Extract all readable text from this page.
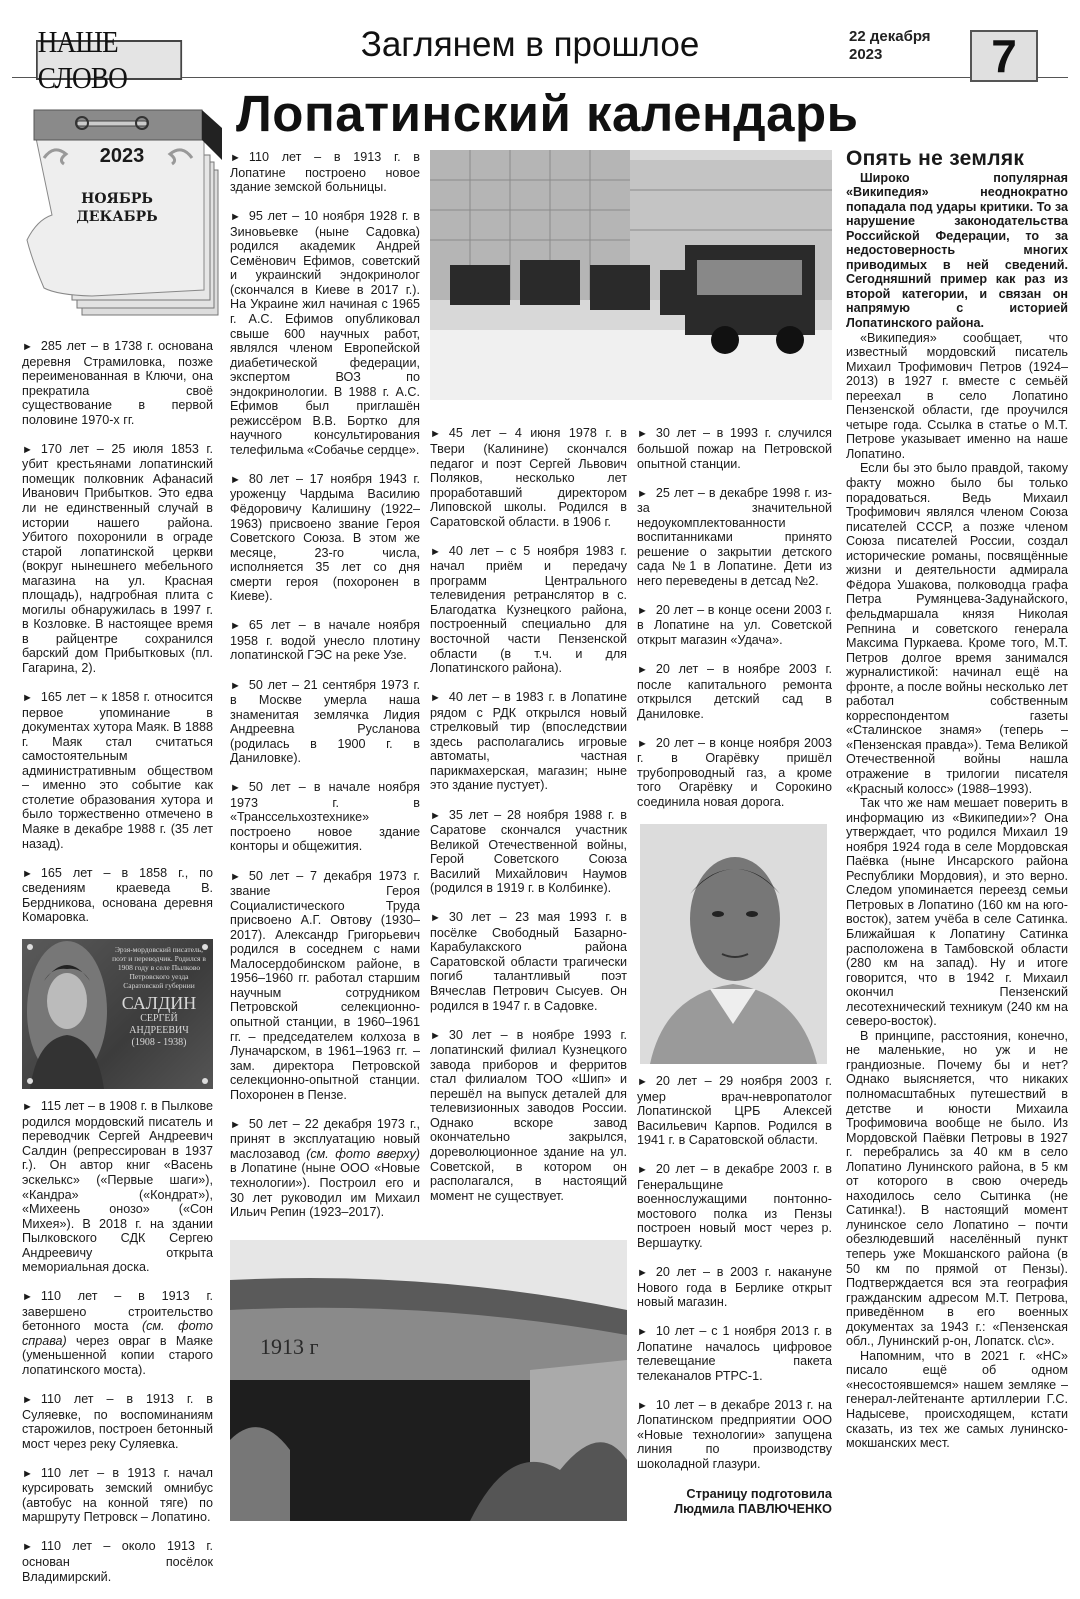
НАШЕ СЛОВО
Заглянем в прошлое	22 декабря
2023	7
Лопатинский календарь
2023
НОЯБРЬ
ДЕКАБРЬ

► 285 лет – в 1738 г. основана деревня Страмиловка, позже переименованная в Ключи, она прекратила своё существование в первой половине 1970-х гг.

► 170 лет – 25 июля 1853 г. убит крестьянами лопатинский помещик полковник Афанасий Иванович Прибытков. Это едва ли не единственный случай в истории нашего района. Убитого похоронили в ограде старой лопатинской церкви (вокруг нынешнего мебельного магазина на ул. Красная площадь), надгробная плита с могилы обнаружилась в 1997 г. в Козловке. В настоящее время в райцентре сохранился барский дом Прибытковых (пл. Гагарина, 2).

► 165 лет – к 1858 г. относится первое упоминание в документах хутора Маяк. В 1888 г. Маяк стал считаться самостоятельным административным обществом – именно это событие как столетие образования хутора и было торжественно отмечено в Маяке в декабре 1988 г. (35 лет назад).

► 165 лет – в 1858 г., по сведениям краеведа В. Бердникова, основана деревня Комаровка.

Эрзя-мордовский писатель, поэт и переводчик. Родился в 1908 году в селе Пылково Петровского уезда Саратовской губернии
САЛДИН
СЕРГЕЙ
АНДРЕЕВИЧ
(1908 - 1938)

► 115 лет – в 1908 г. в Пылкове родился мордовский писатель и переводчик Сергей Андреевич Салдин (репрессирован в 1937 г.). Он автор книг «Васень эскелькс» («Первые шаги»), «Кандра» («Кондрат»), «Михеень онозо» («Сон Михея»). В 2018 г. на здании Пылковского СДК Сергею Андреевичу открыта мемориальная доска.

► 110 лет – в 1913 г. завершено строительство бетонного моста (см. фото справа) через овраг в Маяке (уменьшенной копии старого лопатинского моста).

► 110 лет – в 1913 г. в Суляевке, по воспоминаниям старожилов, построен бетонный мост через реку Суляевка.

► 110 лет – в 1913 г. начал курсировать земский омнибус (автобус на конной тяге) по маршруту Петровск – Лопатино.

► 110 лет – около 1913 г. основан посёлок Владимирский.

► 110 лет – в 1913 г. в Лопатине построено новое здание земской больницы.

► 95 лет – 10 ноября 1928 г. в Зиновьевке (ныне Садовка) родился академик Андрей Семёнович Ефимов, советский и украинский эндокринолог (скончался в Киеве в 2017 г.). На Украине жил начиная с 1965 г. А.С. Ефимов опубликовал свыше 600 научных работ, являлся членом Европейской диабетической федерации, экспертом ВОЗ по эндокринологии. В 1988 г. А.С. Ефимов был приглашён режиссёром В.В. Бортко для научного консультирования телефильма «Собачье сердце».

► 80 лет – 17 ноября 1943 г. уроженцу Чардыма Василию Фёдоровичу Калишину (1922–1963) присвоено звание Героя Советского Союза. В этом же месяце, 23-го числа, исполняется 35 лет со дня смерти героя (похоронен в Киеве).

► 65 лет – в начале ноября 1958 г. водой унесло плотину лопатинской ГЭС на реке Узе.

► 50 лет – 21 сентября 1973 г. в Москве умерла наша знаменитая землячка Лидия Андреевна Русланова (родилась в 1900 г. в Даниловке).

► 50 лет – в начале ноября 1973 г. в «Транссельхозтехнике» построено новое здание конторы и общежития.

► 50 лет – 7 декабря 1973 г. звание Героя Социалистического Труда присвоено А.Г. Овтову (1930–2017). Александр Григорьевич родился в соседнем с нами Малосердобинском районе, в 1956–1960 гг. работал старшим научным сотрудником Петровской селекционно-опытной станции, в 1960–1961 гг. – председателем колхоза в Луначарском, в 1961–1963 гг. – зам. директора Петровской селекционно-опытной станции. Похоронен в Пензе.

► 50 лет – 22 декабря 1973 г., принят в эксплуатацию новый маслозавод (см. фото вверху) в Лопатине (ныне ООО «Новые технологии»). Построил его и 30 лет руководил им Михаил Ильич Репин (1923–2017).

► 45 лет – 4 июня 1978 г. в Твери (Калинине) скончался педагог и поэт Сергей Львович Поляков, несколько лет проработавший директором Липовской школы. Родился в Саратовской области. в 1906 г.

► 40 лет – с 5 ноября 1983 г. начал приём и передачу программ Центрального телевидения ретранслятор в с. Благодатка Кузнецкого района, построенный специально для восточной части Пензенской области (в т.ч. и для Лопатинского района).

► 40 лет – в 1983 г. в Лопатине рядом с РДК открылся новый стрелковый тир (впоследствии здесь располагались игровые автоматы, частная парикмахерская, магазин; ныне это здание пустует).

► 35 лет – 28 ноября 1988 г. в Саратове скончался участник Великой Отечественной войны, Герой Советского Союза Василий Михайлович Наумов (родился в 1919 г. в Колбинке).

► 30 лет – 23 мая 1993 г. в посёлке Свободный Базарно-Карабулакского района Саратовской области трагически погиб талантливый поэт Вячеслав Петрович Сысуев. Он родился в 1947 г. в Садовке.

► 30 лет – в ноябре 1993 г. лопатинский филиал Кузнецкого завода приборов и ферритов стал филиалом ТОО «Шип» и перешёл на выпуск деталей для телевизионных заводов России. Однако вскоре завод окончательно закрылся, дореволюционное здание на ул. Советской, в котором он располагался, в настоящий момент не существует.

► 30 лет – в 1993 г. случился большой пожар на Петровской опытной станции.

► 25 лет – в декабре 1998 г. из-за значительной недоукомплектованности воспитанниками принято решение о закрытии детского сада №1 в Лопатине. Дети из него переведены в детсад №2.

► 20 лет – в конце осени 2003 г. в Лопатине на ул. Советской открыт магазин «Удача».

► 20 лет – в ноябре 2003 г. после капитального ремонта открылся детский сад в Даниловке.

► 20 лет – в конце ноября 2003 г. в Огарёвку пришёл трубопроводный газ, а кроме того Огарёвку и Сорокино соединила новая дорога.

► 20 лет – 29 ноября 2003 г. умер врач-невропатолог Лопатинской ЦРБ Алексей Васильевич Карпов. Родился в 1941 г. в Саратовской области.

► 20 лет – в декабре 2003 г. в Генеральщине военнослужащими понтонно-мостового полка из Пензы построен новый мост через р. Вершаутку.

► 20 лет – в 2003 г. накануне Нового года в Берлике открыт новый магазин.

► 10 лет – с 1 ноября 2013 г. в Лопатине началось цифровое телевещание пакета телеканалов РТРС-1.

► 10 лет – в декабре 2013 г. на Лопатинском предприятии ООО «Новые технологии» запущена линия по производству шоколадной глазури.

Страницу подготовила
Людмила ПАВЛЮЧЕНКО
1913 г
Опять не земляк

Широко популярная «Википедия» неоднократно попадала под удары критики. То за нарушение законодательства Российской Федерации, то за недостоверность многих приводимых в ней сведений. Сегодняшний пример как раз из второй категории, и связан он напрямую с историей Лопатинского района.

«Википедия» сообщает, что известный мордовский писатель Михаил Трофимович Петров (1924–2013) в 1927 г. вместе с семьёй переехал в село Лопатино Пензенской области, где проучился четыре года. Ссылка в статье о М.Т. Петрове указывает именно на наше Лопатино.

Если бы это было правдой, такому факту можно было бы только порадоваться. Ведь Михаил Трофимович являлся членом Союза писателей СССР, а позже членом Союза писателей России, создал исторические романы, посвящённые жизни и деятельности адмирала Фёдора Ушакова, полководца графа Петра Румянцева-Задунайского, фельдмаршала князя Николая Репнина и советского генерала Максима Пуркаева. Кроме того, М.Т. Петров долгое время занимался журналистикой: начинал ещё на фронте, а после войны несколько лет работал собственным корреспондентом газеты «Сталинское знамя» (теперь – «Пензенская правда»). Тема Великой Отечественной войны нашла отражение в трилогии писателя «Красный колосс» (1988–1993).

Так что же нам мешает поверить в информацию из «Википедии»? Она утверждает, что родился Михаил 19 ноября 1924 года в селе Мордовская Паёвка (ныне Инсарского района Республики Мордовия), и это верно. Следом упоминается переезд семьи Петровых в Лопатино (160 км на юго-восток), затем учёба в селе Сатинка. Ближайшая к Лопатину Сатинка расположена в Тамбовской области (280 км на запад). Ну и итоге говорится, что в 1942 г. Михаил окончил Пензенский лесотехнический техникум (240 км на северо-восток).

В принципе, расстояния, конечно, не маленькие, но уж и не грандиозные. Почему бы и нет? Однако выясняется, что никаких полномасштабных путешествий в детстве и юности Михаила Трофимовича вообще не было. Из Мордовской Паёвки Петровы в 1927 г. перебрались за 40 км в село Лопатино Лунинского района, в 5 км от которого в свою очередь находилось село Сытинка (не Сатинка!). В настоящий момент лунинское село Лопатино – почти обезлюдевший населённый пункт теперь уже Мокшанского района (в 50 км по прямой от Пензы). Подтверждается вся эта география гражданским адресом М.Т. Петрова, приведённом в его военных документах за 1943 г.: «Пензенская обл., Лунинский р-он, Лопатск. с\с».

Напомним, что в 2021 г. «НС» писало ещё об одном «несостоявшемся» нашем земляке – генерал-лейтенанте артиллерии Г.С. Надысеве, происходящем, кстати сказать, из тех же самых лунинско-мокшанских мест.
